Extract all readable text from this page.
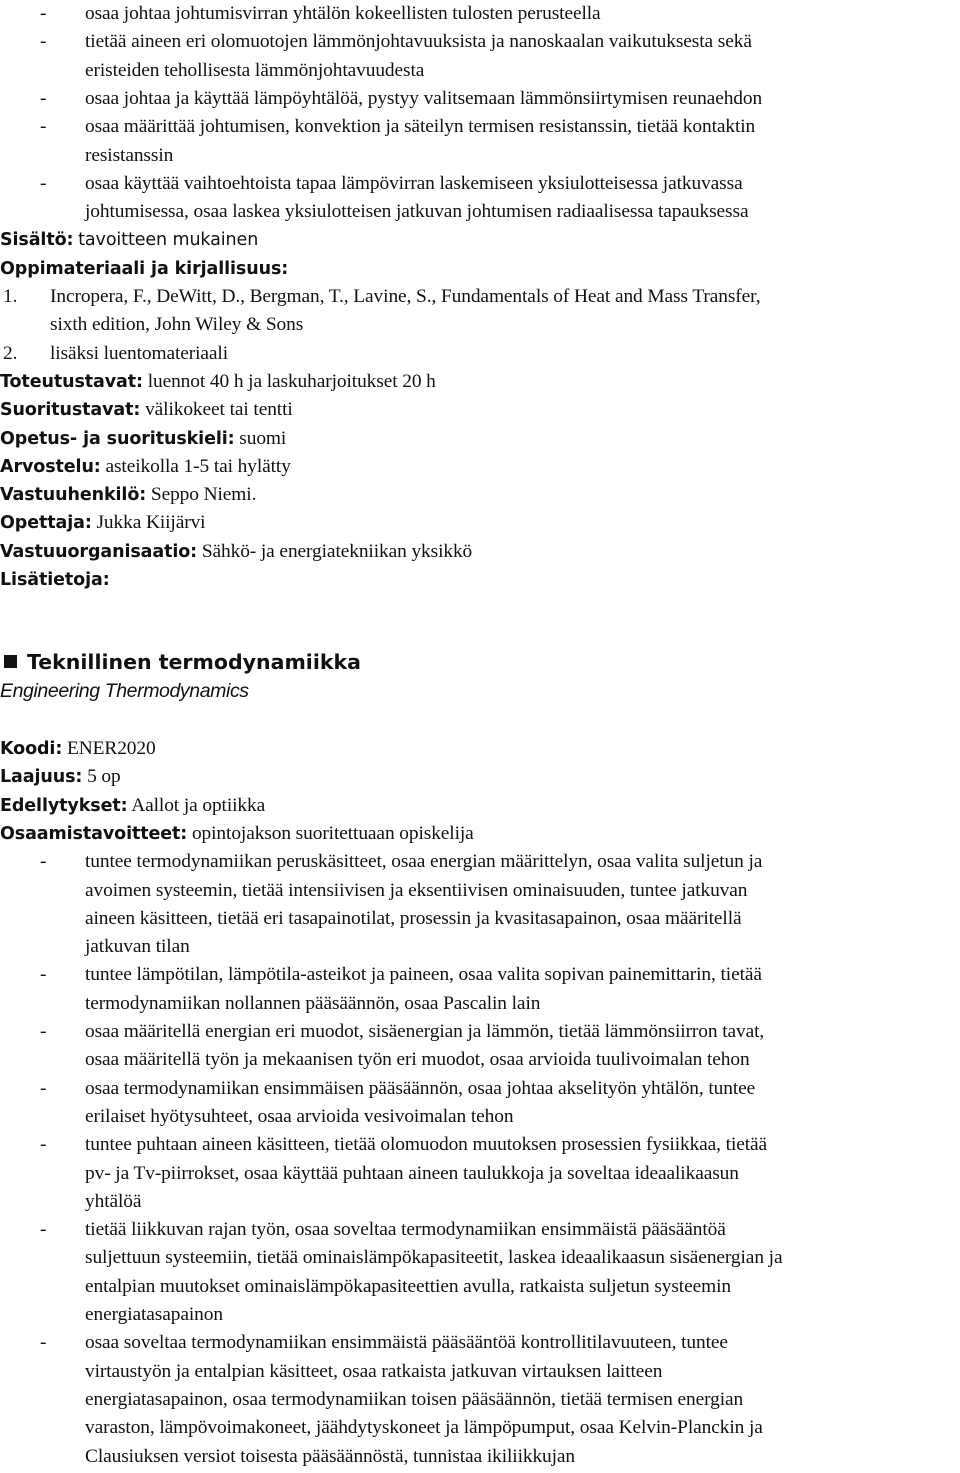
-	osaa johtaa johtumisvirran yhtälön kokeellisten tulosten perusteella
-	tietää aineen eri olomuotojen lämmönjohtavuuksista ja nanoskaalan vaikutuksesta sekä
eristeiden tehollisesta lämmönjohtavuudesta
-	osaa johtaa ja käyttää lämpöyhtälöä, pystyy valitsemaan lämmönsiirtymisen reunaehdon
-	osaa määrittää johtumisen, konvektion ja säteilyn termisen resistanssin, tietää kontaktin
resistanssin
-	osaa käyttää vaihtoehtoista tapaa lämpövirran laskemiseen yksiulotteisessa jatkuvassa
johtumisessa, osaa laskea yksiulotteisen jatkuvan johtumisen radiaalisessa tapauksessa
Sisältö: tavoitteen mukainen
Oppimateriaali ja kirjallisuus:
1. Incropera, F., DeWitt, D., Bergman, T., Lavine, S., Fundamentals of Heat and Mass Transfer,
sixth edition, John Wiley & Sons
2. lisäksi luentomateriaali
Toteutustavat: luennot 40 h ja laskuharjoitukset 20 h
Suoritustavat: välikokeet tai tentti
Opetus- ja suorituskieli: suomi
Arvostelu: asteikolla 1-5 tai hylätty
Vastuuhenkilö: Seppo Niemi.
Opettaja: Jukka Kiijärvi
Vastuuorganisaatio: Sähkö- ja energiatekniikan yksikkö
Lisätietoja:
Teknillinen termodynamiikka
Engineering Thermodynamics
Koodi: ENER2020
Laajuus: 5 op
Edellytykset: Aallot ja optiikka
Osaamistavoitteet: opintojakson suoritettuaan opiskelija
-	tuntee termodynamiikan peruskäsitteet, osaa energian määrittelyn, osaa valita suljetun ja
avoimen systeemin, tietää intensiivisen ja eksentiivisen ominaisuuden, tuntee jatkuvan
aineen käsitteen, tietää eri tasapainotilat, prosessin ja kvasitasapainon, osaa määritellä
jatkuvan tilan
-	tuntee lämpötilan, lämpötila-asteikot ja paineen, osaa valita sopivan painemittarin, tietää
termodynamiikan nollannen pääsäännön, osaa Pascalin lain
-	osaa määritellä energian eri muodot, sisäenergian ja lämmön, tietää lämmönsiirron tavat,
osaa määritellä työn ja mekaanisen työn eri muodot, osaa arvioida tuulivoimalan tehon
-	osaa termodynamiikan ensimmäisen pääsäännön, osaa johtaa akselityön yhtälön, tuntee
erilaiset hyötysuhteet, osaa arvioida vesivoimalan tehon
-	tuntee puhtaan aineen käsitteen, tietää olomuodon muutoksen prosessien fysiikkaa, tietää
pv- ja Tv-piirrokset, osaa käyttää puhtaan aineen taulukkoja ja soveltaa ideaalikaasun
yhtälöä
-	tietää liikkuvan rajan työn, osaa soveltaa termodynamiikan ensimmäistä pääsääntöä
suljettuun systeemiin, tietää ominaislämpökapasiteetit, laskea ideaalikaasun sisäenergian ja
entalpian muutokset ominaislämpökapasiteettien avulla, ratkaista suljetun systeemin
energiatasapainon
-	osaa soveltaa termodynamiikan ensimmäistä pääsääntöä kontrollitilavuuteen, tuntee
virtaustyön ja entalpian käsitteet, osaa ratkaista jatkuvan virtauksen laitteen
energiatasapainon, osaa termodynamiikan toisen pääsäännön, tietää termisen energian
varaston, lämpövoimakoneet, jäähdytyskoneet ja lämpöpumput, osaa Kelvin-Planckin ja
Clausiuksen versiot toisesta pääsäännöstä, tunnistaa ikiliikkujan
